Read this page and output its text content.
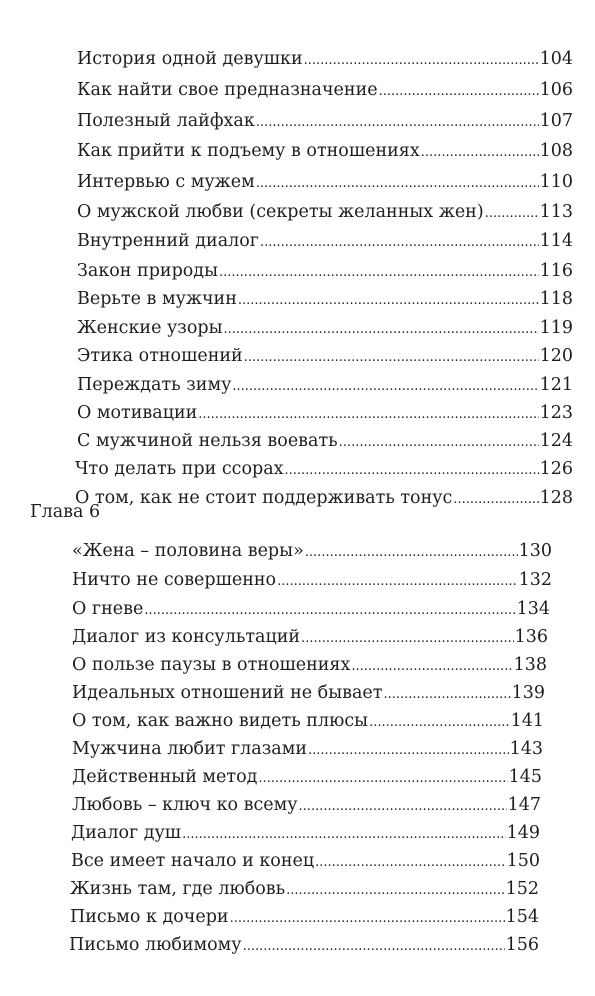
История одной девушки .....	104
Как найти свое предназначение .....	106
Полезный лайфхак .....	107
Как прийти к подъему в отношениях .....	108
Интервью с мужем .....	110
О мужской любви (секреты желанных жен) .....	113
Внутренний диалог .....	114
Закон природы .....	116
Верьте в мужчин .....	118
Женские узоры .....	119
Этика отношений .....	120
Переждать зиму .....	121
О мотивации .....	123
С мужчиной нельзя воевать .....	124
Что делать при ссорах .....	126
О том, как не стоит поддерживать тонус .....	128
Глава 6
«Жена – половина веры» .....	130
Ничто не совершенно .....	132
О гневе .....	134
Диалог из консультаций .....	136
О пользе паузы в отношениях .....	138
Идеальных отношений не бывает .....	139
О том, как важно видеть плюсы .....	141
Мужчина любит глазами .....	143
Действенный метод .....	145
Любовь – ключ ко всему .....	147
Диалог душ .....	149
Все имеет начало и конец .....	150
Жизнь там, где любовь .....	152
Письмо к дочери .....	154
Письмо любимому .....	156
